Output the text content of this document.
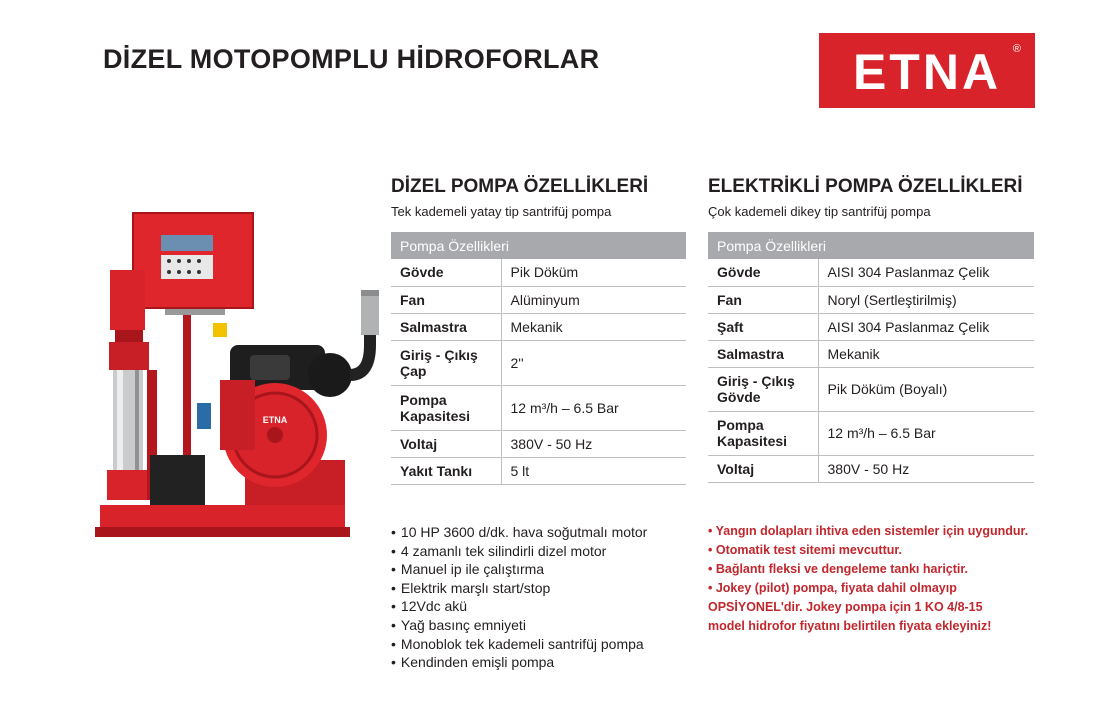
DİZEL MOTOPOMPLU HİDROFORLAR	ETNA	®
ETNA
DİZEL POMPA ÖZELLİKLERİ
Tek kademeli yatay tip santrifüj pompa
Pompa Özellikleri	
Gövde	Pik Döküm
Fan	Alüminyum
Salmastra	Mekanik
Giriş - Çıkış Çap	2''
Pompa Kapasitesi	12 m³/h – 6.5 Bar
Voltaj	380V - 50 Hz
Yakıt Tankı	5 lt
ELEKTRİKLİ POMPA ÖZELLİKLERİ
Çok kademeli dikey tip santrifüj pompa
Pompa Özellikleri	
Gövde	AISI 304 Paslanmaz Çelik
Fan	Noryl (Sertleştirilmiş)
Şaft	AISI 304 Paslanmaz Çelik
Salmastra	Mekanik
Giriş - Çıkış Gövde	Pik Döküm (Boyalı)
Pompa Kapasitesi	12 m³/h – 6.5 Bar
Voltaj	380V - 50 Hz
• 10 HP 3600 d/dk. hava soğutmalı motor
• 4 zamanlı tek silindirli dizel motor
• Manuel ip ile çalıştırma
• Elektrik marşlı start/stop
• 12Vdc akü
• Yağ basınç emniyeti
• Monoblok tek kademeli santrifüj pompa
• Kendinden emişli pompa

• Yangın dolapları ihtiva eden sistemler için uygundur.

• Otomatik test sitemi mevcuttur.

• Bağlantı fleksi ve dengeleme tankı hariçtir.

• Jokey (pilot) pompa, fiyata dahil olmayıp

OPSİYONEL'dir. Jokey pompa için 1 KO 4/8-15

model hidrofor fiyatını belirtilen fiyata ekleyiniz!
